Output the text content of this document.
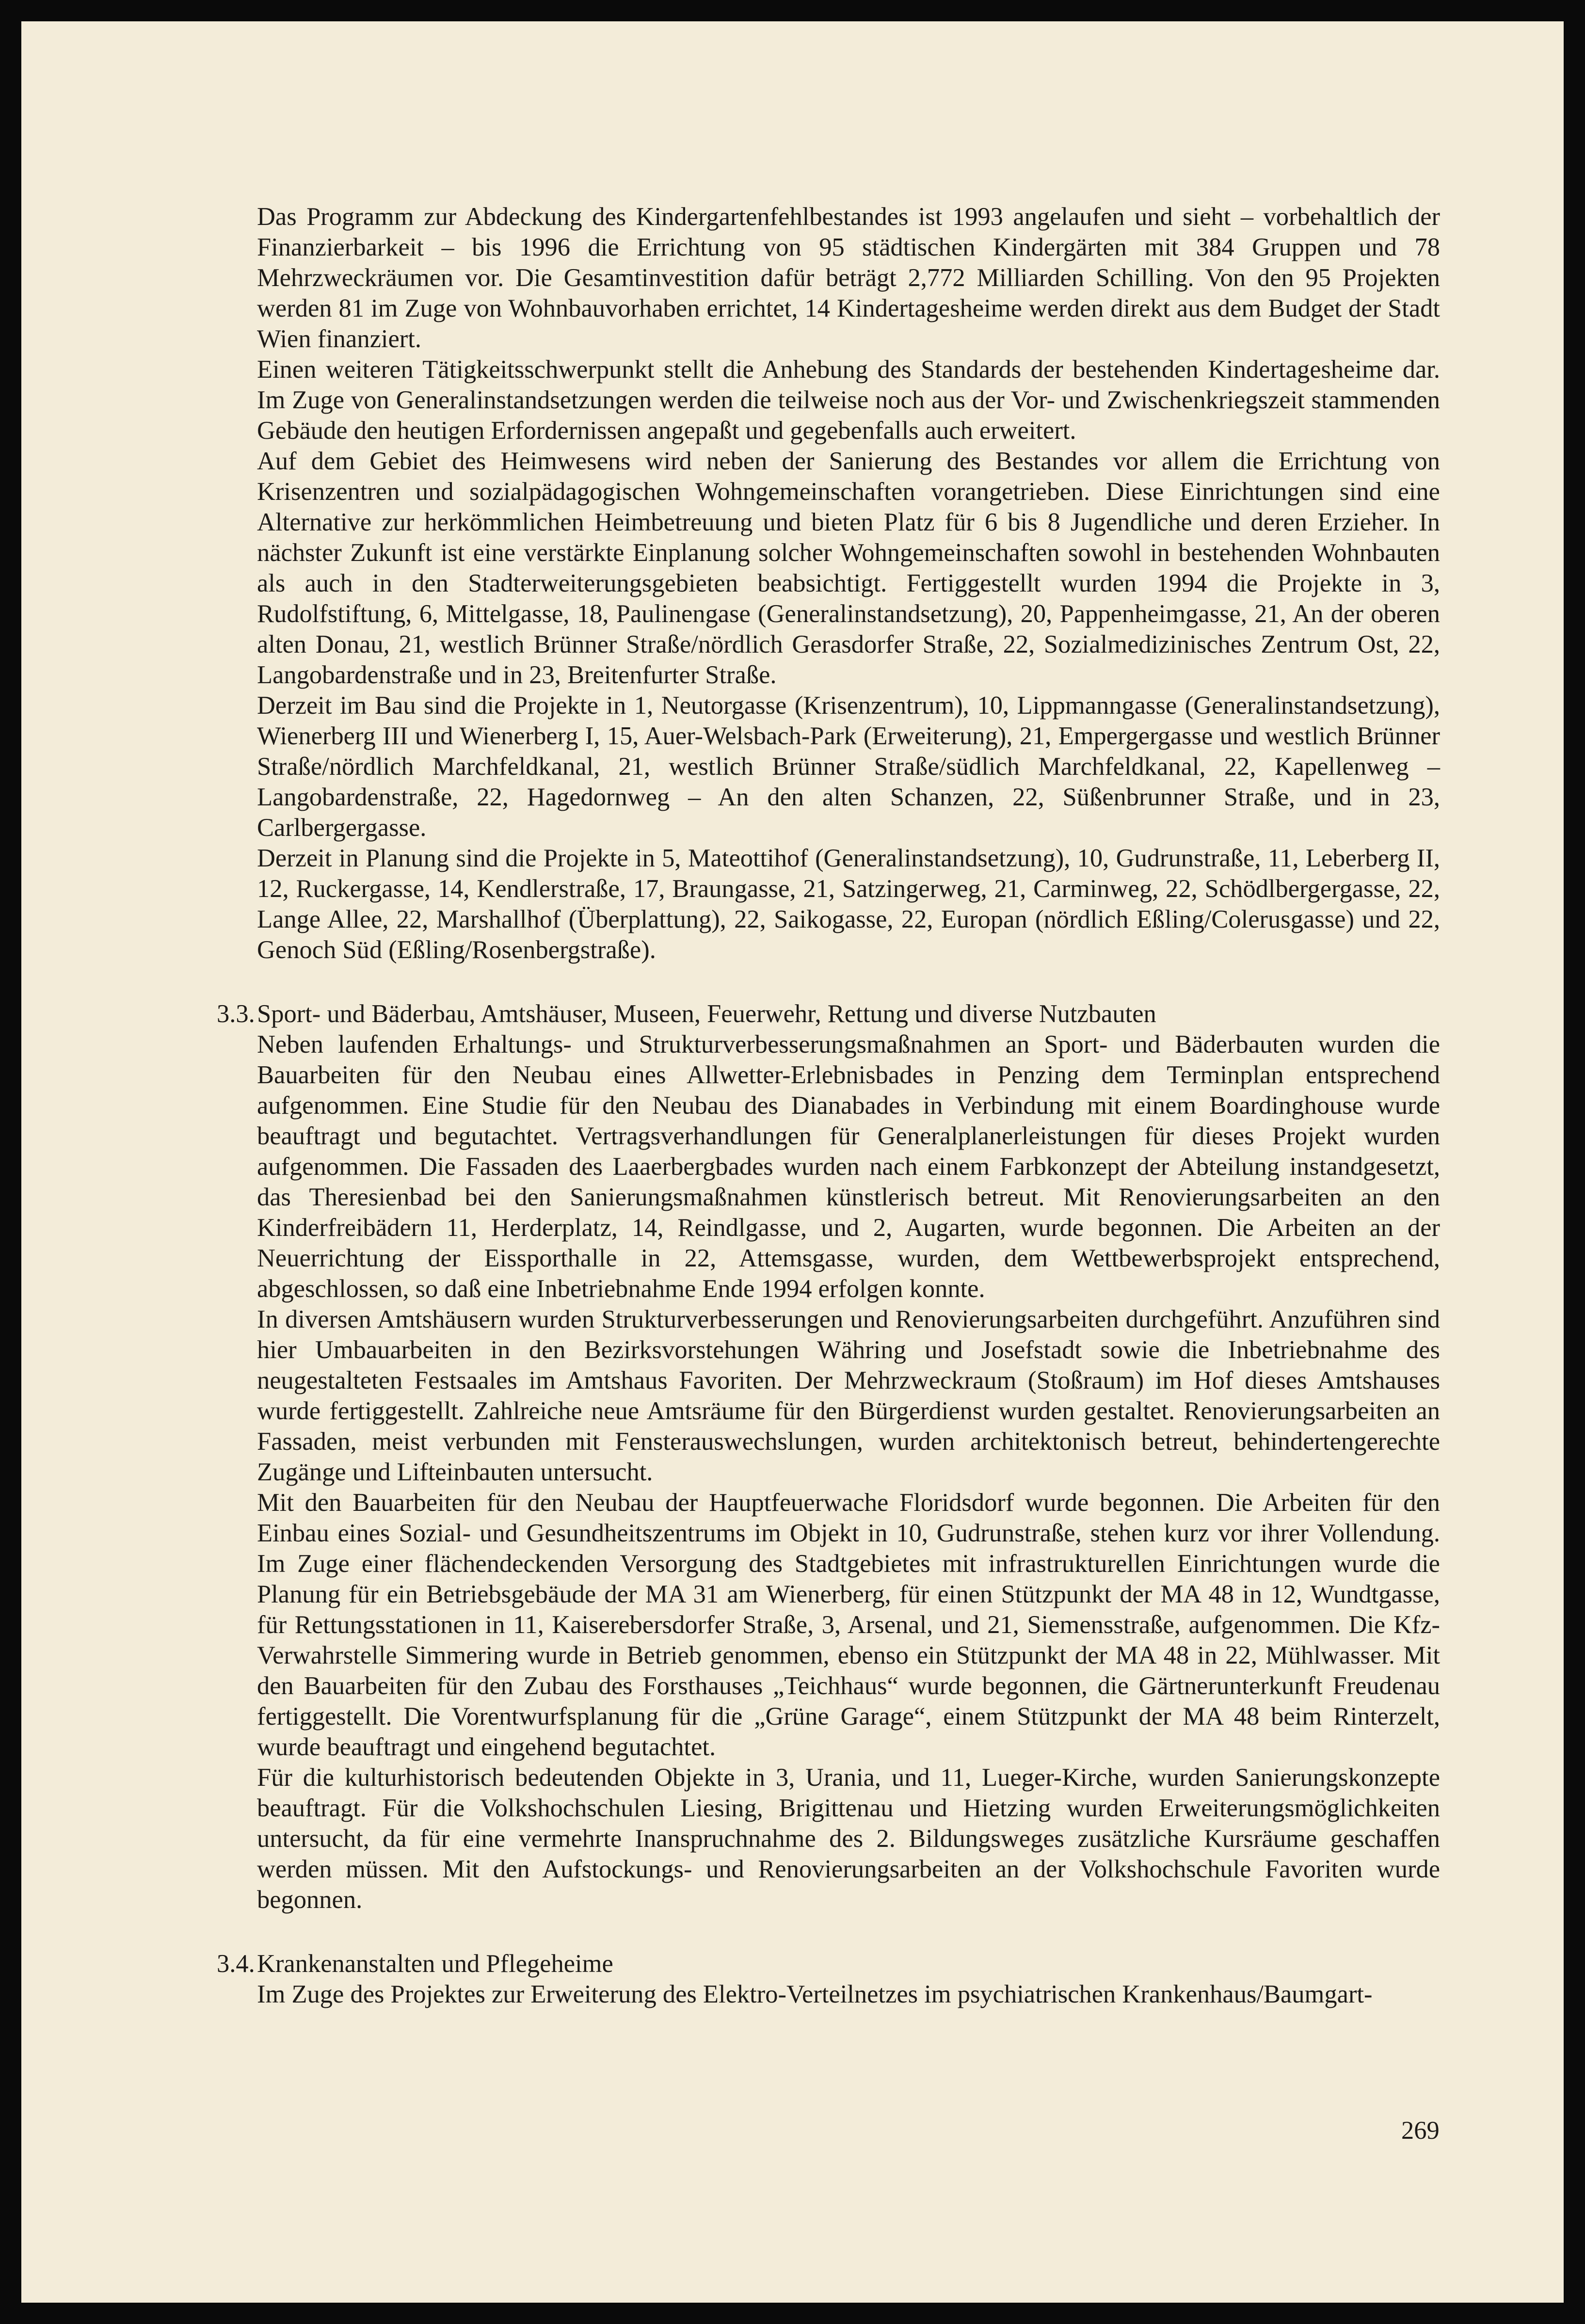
Das Programm zur Abdeckung des Kindergartenfehlbestandes ist 1993 angelaufen und sieht – vorbehaltlich der Finanzierbarkeit – bis 1996 die Errichtung von 95 städtischen Kindergärten mit 384 Gruppen und 78 Mehrzweckräumen vor. Die Gesamtinvestition dafür beträgt 2,772 Milliarden Schilling. Von den 95 Projekten werden 81 im Zuge von Wohnbauvorhaben errichtet, 14 Kindertagesheime werden direkt aus dem Budget der Stadt Wien finanziert.

Einen weiteren Tätigkeitsschwerpunkt stellt die Anhebung des Standards der bestehenden Kindertagesheime dar. Im Zuge von Generalinstandsetzungen werden die teilweise noch aus der Vor- und Zwischenkriegszeit stammenden Gebäude den heutigen Erfordernissen angepaßt und gegebenfalls auch erweitert.

Auf dem Gebiet des Heimwesens wird neben der Sanierung des Bestandes vor allem die Errichtung von Krisenzentren und sozialpädagogischen Wohngemeinschaften vorangetrieben. Diese Einrichtungen sind eine Alternative zur herkömmlichen Heimbetreuung und bieten Platz für 6 bis 8 Jugendliche und deren Erzieher. In nächster Zukunft ist eine verstärkte Einplanung solcher Wohngemeinschaften sowohl in bestehenden Wohnbauten als auch in den Stadterweiterungsgebieten beabsichtigt. Fertiggestellt wurden 1994 die Projekte in 3, Rudolfstiftung, 6, Mittelgasse, 18, Paulinengase (Generalinstandsetzung), 20, Pappenheimgasse, 21, An der oberen alten Donau, 21, westlich Brünner Straße/nördlich Gerasdorfer Straße, 22, Sozialmedizinisches Zentrum Ost, 22, Langobardenstraße und in 23, Breitenfurter Straße.

Derzeit im Bau sind die Projekte in 1, Neutorgasse (Krisenzentrum), 10, Lippmanngasse (Generalinstandsetzung), Wienerberg III und Wienerberg I, 15, Auer-Welsbach-Park (Erweiterung), 21, Empergergasse und westlich Brünner Straße/nördlich Marchfeldkanal, 21, westlich Brünner Straße/südlich Marchfeldkanal, 22, Kapellenweg – Langobardenstraße, 22, Hagedornweg – An den alten Schanzen, 22, Süßenbrunner Straße, und in 23, Carlbergergasse.

Derzeit in Planung sind die Projekte in 5, Mateottihof (Generalinstandsetzung), 10, Gudrunstraße, 11, Leberberg II, 12, Ruckergasse, 14, Kendlerstraße, 17, Braungasse, 21, Satzingerweg, 21, Carminweg, 22, Schödlbergergasse, 22, Lange Allee, 22, Marshallhof (Überplattung), 22, Saikogasse, 22, Europan (nördlich Eßling/Colerusgasse) und 22, Genoch Süd (Eßling/Rosenbergstraße).

3.3. Sport- und Bäderbau, Amtshäuser, Museen, Feuerwehr, Rettung und diverse Nutzbauten

Neben laufenden Erhaltungs- und Strukturverbesserungsmaßnahmen an Sport- und Bäderbauten wurden die Bauarbeiten für den Neubau eines Allwetter-Erlebnisbades in Penzing dem Terminplan entsprechend aufgenommen. Eine Studie für den Neubau des Dianabades in Verbindung mit einem Boardinghouse wurde beauftragt und begutachtet. Vertragsverhandlungen für Generalplanerleistungen für dieses Projekt wurden aufgenommen. Die Fassaden des Laaerbergbades wurden nach einem Farbkonzept der Abteilung instandgesetzt, das Theresienbad bei den Sanierungsmaßnahmen künstlerisch betreut. Mit Renovierungsarbeiten an den Kinderfreibädern 11, Herderplatz, 14, Reindlgasse, und 2, Augarten, wurde begonnen. Die Arbeiten an der Neuerrichtung der Eissporthalle in 22, Attemsgasse, wurden, dem Wettbewerbsprojekt entsprechend, abgeschlossen, so daß eine Inbetriebnahme Ende 1994 erfolgen konnte.

In diversen Amtshäusern wurden Strukturverbesserungen und Renovierungsarbeiten durchgeführt. Anzuführen sind hier Umbauarbeiten in den Bezirksvorstehungen Währing und Josefstadt sowie die Inbetriebnahme des neugestalteten Festsaales im Amtshaus Favoriten. Der Mehrzweckraum (Stoßraum) im Hof dieses Amtshauses wurde fertiggestellt. Zahlreiche neue Amtsräume für den Bürgerdienst wurden gestaltet. Renovierungsarbeiten an Fassaden, meist verbunden mit Fensterauswechslungen, wurden architektonisch betreut, behindertengerechte Zugänge und Lifteinbauten untersucht.

Mit den Bauarbeiten für den Neubau der Hauptfeuerwache Floridsdorf wurde begonnen. Die Arbeiten für den Einbau eines Sozial- und Gesundheitszentrums im Objekt in 10, Gudrunstraße, stehen kurz vor ihrer Vollendung. Im Zuge einer flächendeckenden Versorgung des Stadtgebietes mit infrastrukturellen Einrichtungen wurde die Planung für ein Betriebsgebäude der MA 31 am Wienerberg, für einen Stützpunkt der MA 48 in 12, Wundtgasse, für Rettungsstationen in 11, Kaiserebersdorfer Straße, 3, Arsenal, und 21, Siemensstraße, aufgenommen. Die Kfz-Verwahrstelle Simmering wurde in Betrieb genommen, ebenso ein Stützpunkt der MA 48 in 22, Mühlwasser. Mit den Bauarbeiten für den Zubau des Forsthauses „Teichhaus“ wurde begonnen, die Gärtnerunterkunft Freudenau fertiggestellt. Die Vorentwurfsplanung für die „Grüne Garage“, einem Stützpunkt der MA 48 beim Rinterzelt, wurde beauftragt und eingehend begutachtet.

Für die kulturhistorisch bedeutenden Objekte in 3, Urania, und 11, Lueger-Kirche, wurden Sanierungskonzepte beauftragt. Für die Volkshochschulen Liesing, Brigittenau und Hietzing wurden Erweiterungsmöglichkeiten untersucht, da für eine vermehrte Inanspruchnahme des 2. Bildungsweges zusätzliche Kursräume geschaffen werden müssen. Mit den Aufstockungs- und Renovierungsarbeiten an der Volkshochschule Favoriten wurde begonnen.

3.4. Krankenanstalten und Pflegeheime

Im Zuge des Projektes zur Erweiterung des Elektro-Verteilnetzes im psychiatrischen Krankenhaus/Baumgart-

269
